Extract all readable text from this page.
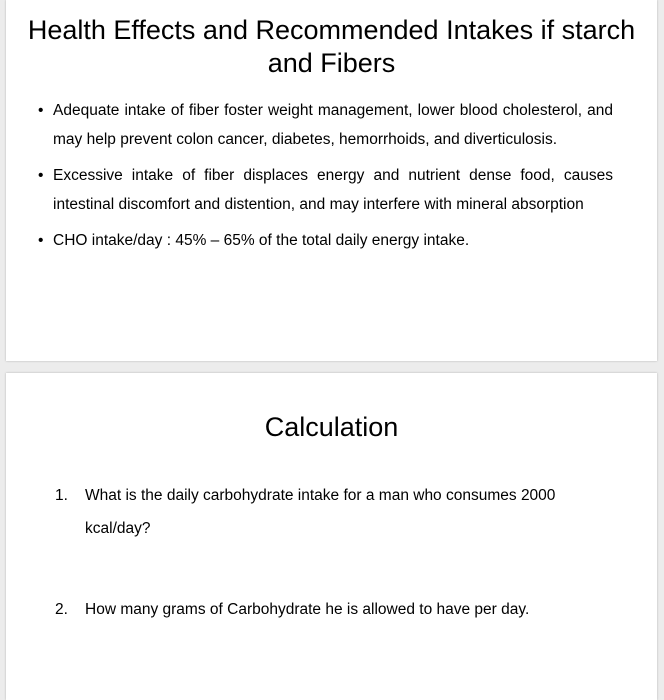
Health Effects and Recommended Intakes if starch and Fibers
• Adequate intake of fiber foster weight management, lower blood cholesterol, and may help prevent colon cancer, diabetes, hemorrhoids, and diverticulosis.
• Excessive intake of fiber displaces energy and nutrient dense food, causes intestinal discomfort and distention, and may interfere with mineral absorption
• CHO intake/day : 45% – 65% of the total daily energy intake.
Calculation
1. What is the daily carbohydrate intake for a man who consumes 2000 kcal/day?
2. How many grams of Carbohydrate he is allowed to have per day.
